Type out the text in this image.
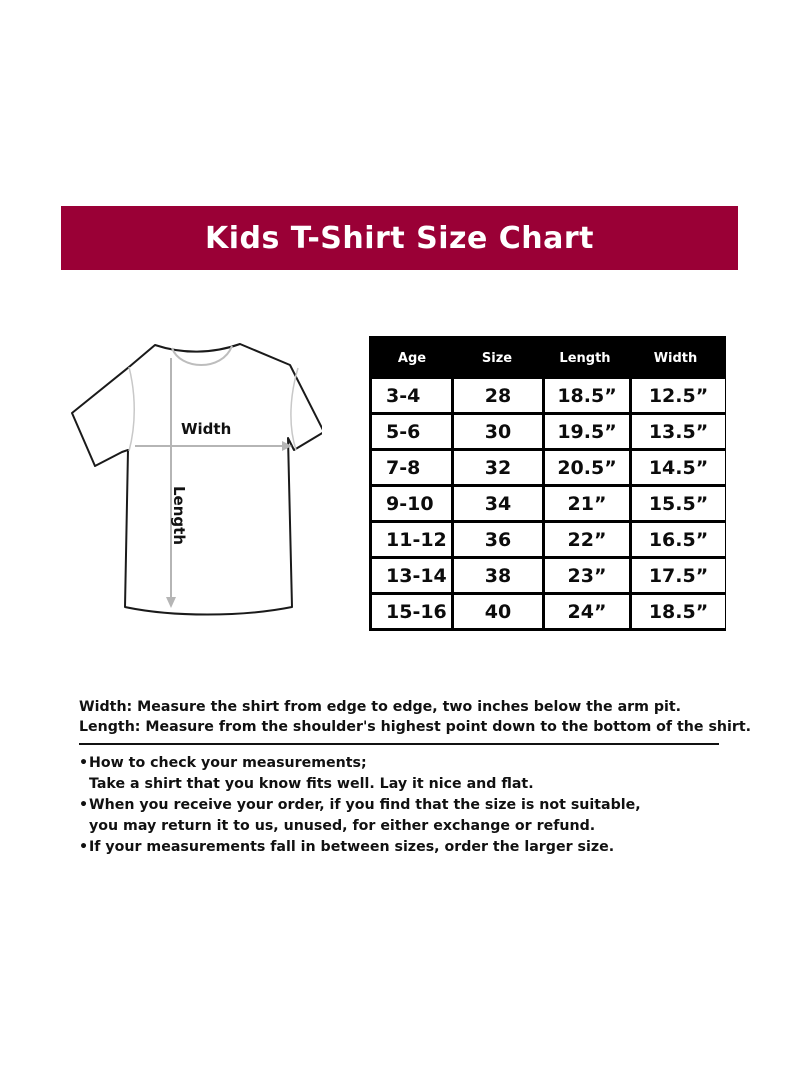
Kids T-Shirt Size Chart
Width
Length
Age	Size	Length	Width
3-4	28	18.5”	12.5”
5-6	30	19.5”	13.5”
7-8	32	20.5”	14.5”
9-10	34	21”	15.5”
11-12	36	22”	16.5”
13-14	38	23”	17.5”
15-16	40	24”	18.5”
Width: Measure the shirt from edge to edge, two inches below the arm pit.
Length: Measure from the shoulder's highest point down to the bottom of the shirt.
•How to check your measurements;
Take a shirt that you know fits well. Lay it nice and flat.
•When you receive your order, if you find that the size is not suitable,
you may return it to us, unused, for either exchange or refund.
•If your measurements fall in between sizes, order the larger size.
